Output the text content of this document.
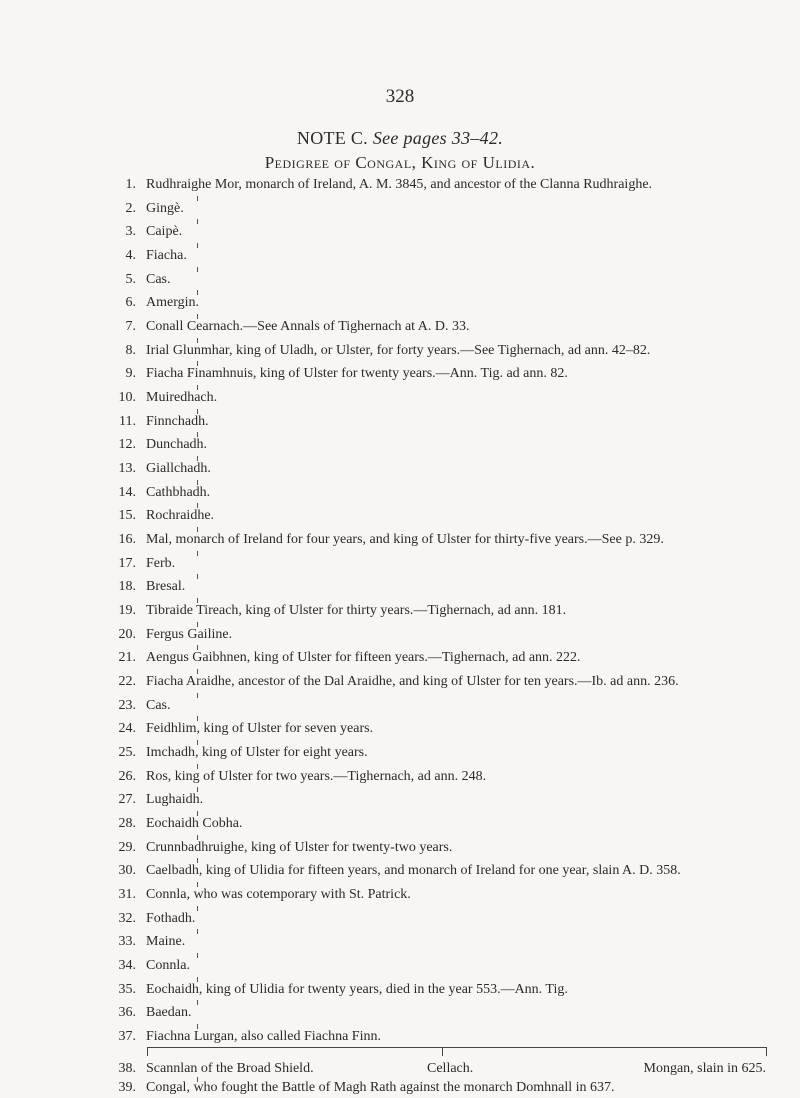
328
NOTE C. See pages 33–42.
Pedigree of Congal, King of Ulidia.
1. Rudhraighe Mor, monarch of Ireland, A. M. 3845, and ancestor of the Clanna Rudhraighe.
2. Gingè.
3. Caipè.
4. Fiacha.
5. Cas.
6. Amergin.
7. Conall Cearnach.—See Annals of Tighernach at A. D. 33.
8. Irial Glunmhar, king of Uladh, or Ulster, for forty years.—See Tighernach, ad ann. 42–82.
9. Fiacha Finamhnuis, king of Ulster for twenty years.—Ann. Tig. ad ann. 82.
10. Muiredhach.
11. Finnchadh.
12. Dunchadh.
13. Giallchadh.
14. Cathbhadh.
15. Rochraidhe.
16. Mal, monarch of Ireland for four years, and king of Ulster for thirty-five years.—See p. 329.
17. Ferb.
18. Bresal.
19. Tibraide Tireach, king of Ulster for thirty years.—Tighernach, ad ann. 181.
20. Fergus Gailine.
21. Aengus Gaibhnen, king of Ulster for fifteen years.—Tighernach, ad ann. 222.
22. Fiacha Araidhe, ancestor of the Dal Araidhe, and king of Ulster for ten years.—Ib. ad ann. 236.
23. Cas.
24. Feidhlim, king of Ulster for seven years.
25. Imchadh, king of Ulster for eight years.
26. Ros, king of Ulster for two years.—Tighernach, ad ann. 248.
27. Lughaidh.
28. Eochaidh Cobha.
29. Crunnbadhruighe, king of Ulster for twenty-two years.
30. Caelbadh, king of Ulidia for fifteen years, and monarch of Ireland for one year, slain A. D. 358.
31. Connla, who was cotemporary with St. Patrick.
32. Fothadh.
33. Maine.
34. Connla.
35. Eochaidh, king of Ulidia for twenty years, died in the year 553.—Ann. Tig.
36. Baedan.
37. Fiachna Lurgan, also called Fiachna Finn.
38. Scannlan of the Broad Shield.	Cellach.	Mongan, slain in 625.
39. Congal, who fought the Battle of Magh Rath against the monarch Domhnall in 637.
